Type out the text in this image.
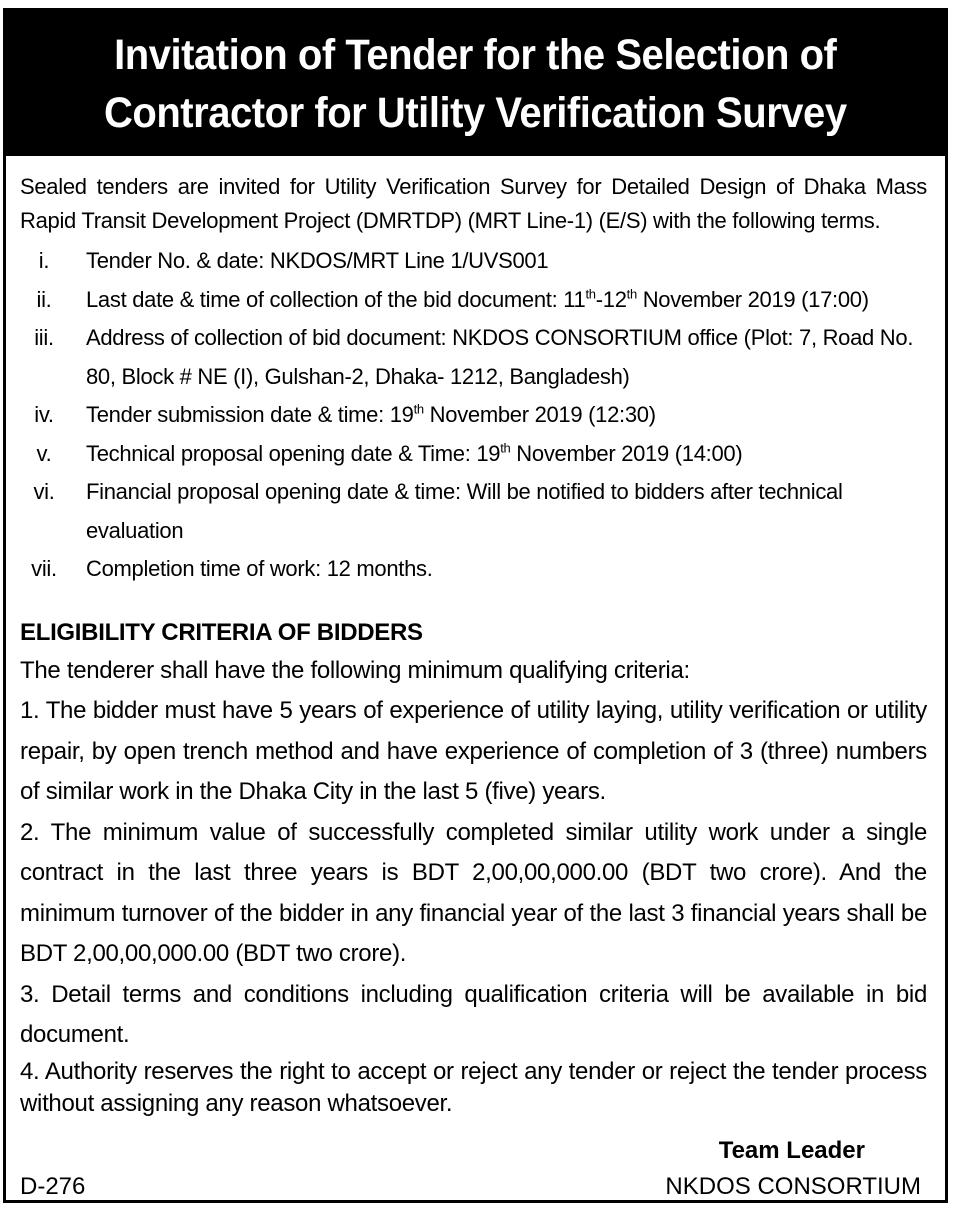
Invitation of Tender for the Selection of
Contractor for Utility Verification Survey

Sealed tenders are invited for Utility Verification Survey for Detailed Design of Dhaka Mass Rapid Transit Development Project (DMRTDP) (MRT Line-1) (E/S) with the following terms.

i.	Tender No. & date: NKDOS/MRT Line 1/UVS001
ii.	Last date & time of collection of the bid document: 11th-12th November 2019 (17:00)
iii.	Address of collection of bid document: NKDOS CONSORTIUM office (Plot: 7, Road No. 80, Block # NE (I), Gulshan-2, Dhaka- 1212, Bangladesh)
iv.	Tender submission date & time: 19th November 2019 (12:30)
v.	Technical proposal opening date & Time: 19th November 2019 (14:00)
vi.	Financial proposal opening date & time: Will be notified to bidders after technical evaluation
vii.	Completion time of work: 12 months.
ELIGIBILITY CRITERIA OF BIDDERS

The tenderer shall have the following minimum qualifying criteria:

1. The bidder must have 5 years of experience of utility laying, utility verification or utility repair, by open trench method and have experience of completion of 3 (three) numbers of similar work in the Dhaka City in the last 5 (five) years.

2. The minimum value of successfully completed similar utility work under a single contract in the last three years is BDT 2,00,00,000.00 (BDT two crore). And the minimum turnover of the bidder in any financial year of the last 3 financial years shall be BDT 2,00,00,000.00 (BDT two crore).

3. Detail terms and conditions including qualification criteria will be available in bid document.

4. Authority reserves the right to accept or reject any tender or reject the tender process without assigning any reason whatsoever.

Team Leader
NKDOS CONSORTIUM
D-276
